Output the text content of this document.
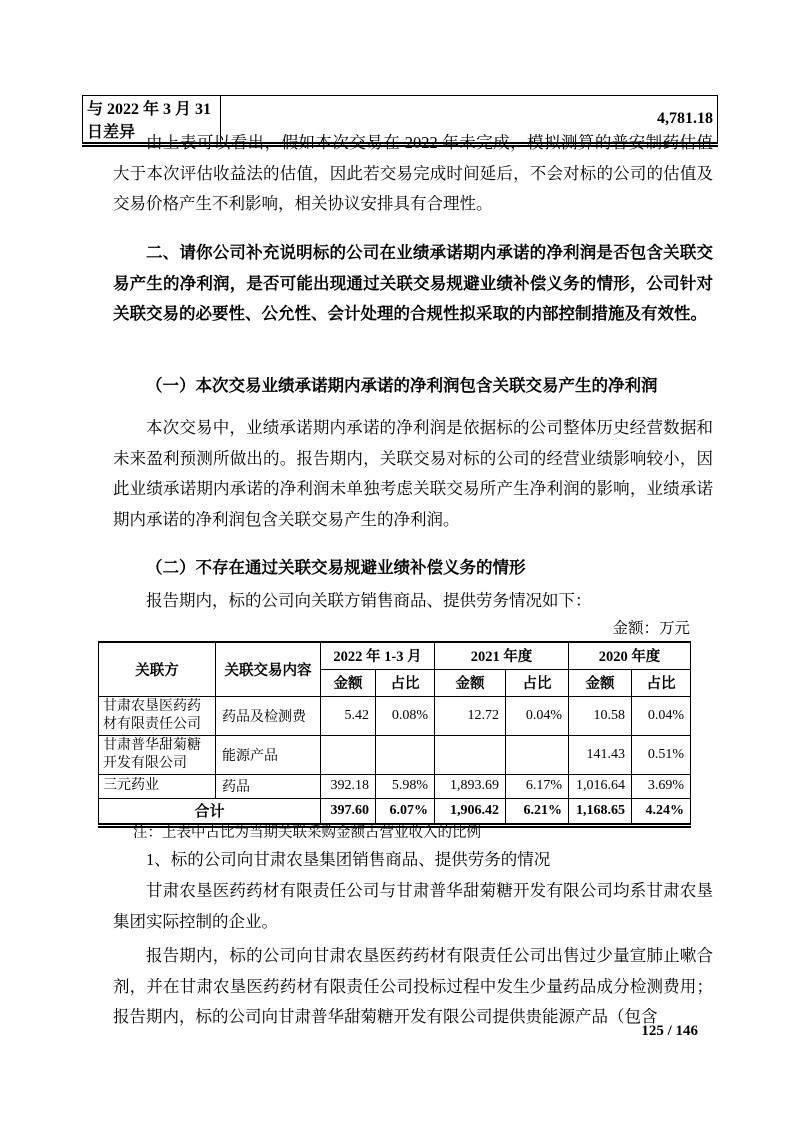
与 2022 年 3 月 31 日差异	4,781.18

由上表可以看出，假如本次交易在 2022 年未完成，模拟测算的普安制药估值大于本次评估收益法的估值，因此若交易完成时间延后，不会对标的公司的估值及交易价格产生不利影响，相关协议安排具有合理性。

二、请你公司补充说明标的公司在业绩承诺期内承诺的净利润是否包含关联交易产生的净利润，是否可能出现通过关联交易规避业绩补偿义务的情形，公司针对关联交易的必要性、公允性、会计处理的合规性拟采取的内部控制措施及有效性。

（一）本次交易业绩承诺期内承诺的净利润包含关联交易产生的净利润

本次交易中，业绩承诺期内承诺的净利润是依据标的公司整体历史经营数据和未来盈利预测所做出的。报告期内，关联交易对标的公司的经营业绩影响较小，因此业绩承诺期内承诺的净利润未单独考虑关联交易所产生净利润的影响，业绩承诺期内承诺的净利润包含关联交易产生的净利润。

（二）不存在通过关联交易规避业绩补偿义务的情形

报告期内，标的公司向关联方销售商品、提供劳务情况如下：

金额：万元
关联方	关联交易内容	2022 年 1-3 月		2021 年度		2020 年度	
		金额	占比	金额	占比	金额	占比
甘肃农垦医药药材有限责任公司	药品及检测费	5.42	0.08%	12.72	0.04%	10.58	0.04%
甘肃普华甜菊糖开发有限公司	能源产品					141.43	0.51%
三元药业	药品	392.18	5.98%	1,893.69	6.17%	1,016.64	3.69%
合计		397.60	6.07%	1,906.42	6.21%	1,168.65	4.24%
注：上表中占比为当期关联采购金额占营业收入的比例

1、标的公司向甘肃农垦集团销售商品、提供劳务的情况

甘肃农垦医药药材有限责任公司与甘肃普华甜菊糖开发有限公司均系甘肃农垦集团实际控制的企业。

报告期内，标的公司向甘肃农垦医药药材有限责任公司出售过少量宣肺止嗽合剂，并在甘肃农垦医药药材有限责任公司投标过程中发生少量药品成分检测费用；报告期内，标的公司向甘肃普华甜菊糖开发有限公司提供贵能源产品（包含

125 / 146
